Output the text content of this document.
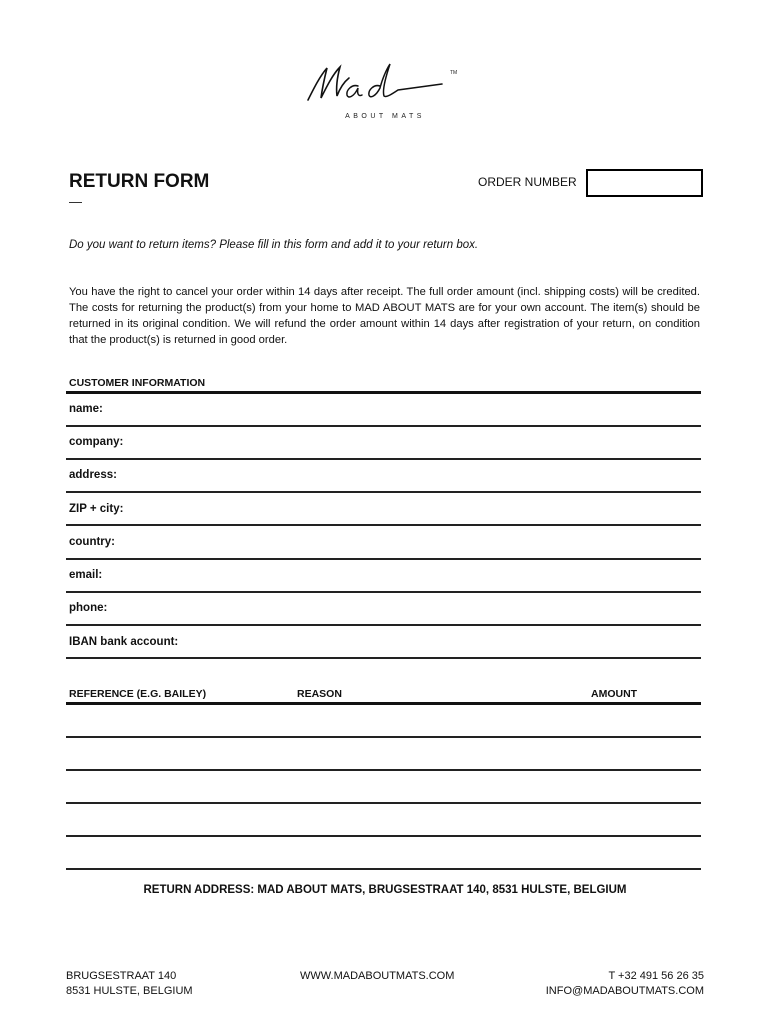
TM
ABOUT MATS
RETURN FORM
—
ORDER NUMBER
Do you want to return items? Please fill in this form and add it to your return box.
You have the right to cancel your order within 14 days after receipt. The full order amount (incl. shipping costs) will be credited. The costs for returning the product(s) from your home to MAD ABOUT MATS are for your own account. The item(s) should be returned in its original condition. We will refund the order amount within 14 days after registration of your return, on condition that the product(s) is returned in good order.
CUSTOMER INFORMATION
name:
company:
address:
ZIP + city:
country:
email:
phone:
IBAN bank account:
REFERENCE (E.G. BAILEY)	REASON	AMOUNT
RETURN ADDRESS: MAD ABOUT MATS, BRUGSESTRAAT 140, 8531 HULSTE, BELGIUM
BRUGSESTRAAT 140
8531 HULSTE, BELGIUM
WWW.MADABOUTMATS.COM	T +32 491 56 26 35
INFO@MADABOUTMATS.COM
